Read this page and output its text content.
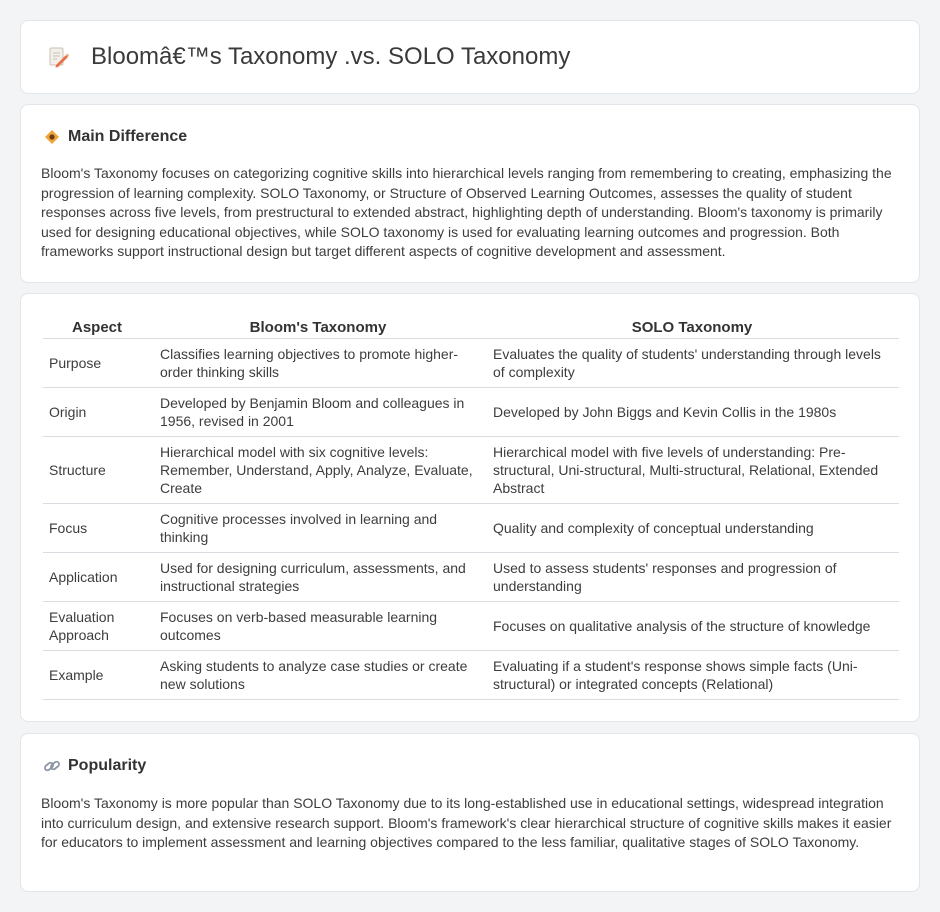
Bloomâ€™s Taxonomy .vs. SOLO Taxonomy
Main Difference

Bloom's Taxonomy focuses on categorizing cognitive skills into hierarchical levels ranging from remembering to creating, emphasizing the progression of learning complexity. SOLO Taxonomy, or Structure of Observed Learning Outcomes, assesses the quality of student responses across five levels, from prestructural to extended abstract, highlighting depth of understanding. Bloom's taxonomy is primarily used for designing educational objectives, while SOLO taxonomy is used for evaluating learning outcomes and progression. Both frameworks support instructional design but target different aspects of cognitive development and assessment.

Aspect	Bloom's Taxonomy	SOLO Taxonomy
Purpose	Classifies learning objectives to promote higher-order thinking skills	Evaluates the quality of students' understanding through levels of complexity
Origin	Developed by Benjamin Bloom and colleagues in 1956, revised in 2001	Developed by John Biggs and Kevin Collis in the 1980s
Structure	Hierarchical model with six cognitive levels: Remember, Understand, Apply, Analyze, Evaluate, Create	Hierarchical model with five levels of understanding: Pre-structural, Uni-structural, Multi-structural, Relational, Extended Abstract
Focus	Cognitive processes involved in learning and thinking	Quality and complexity of conceptual understanding
Application	Used for designing curriculum, assessments, and instructional strategies	Used to assess students' responses and progression of understanding
Evaluation Approach	Focuses on verb-based measurable learning outcomes	Focuses on qualitative analysis of the structure of knowledge
Example	Asking students to analyze case studies or create new solutions	Evaluating if a student's response shows simple facts (Uni-structural) or integrated concepts (Relational)
Popularity

Bloom's Taxonomy is more popular than SOLO Taxonomy due to its long-established use in educational settings, widespread integration into curriculum design, and extensive research support. Bloom's framework's clear hierarchical structure of cognitive skills makes it easier for educators to implement assessment and learning objectives compared to the less familiar, qualitative stages of SOLO Taxonomy.
